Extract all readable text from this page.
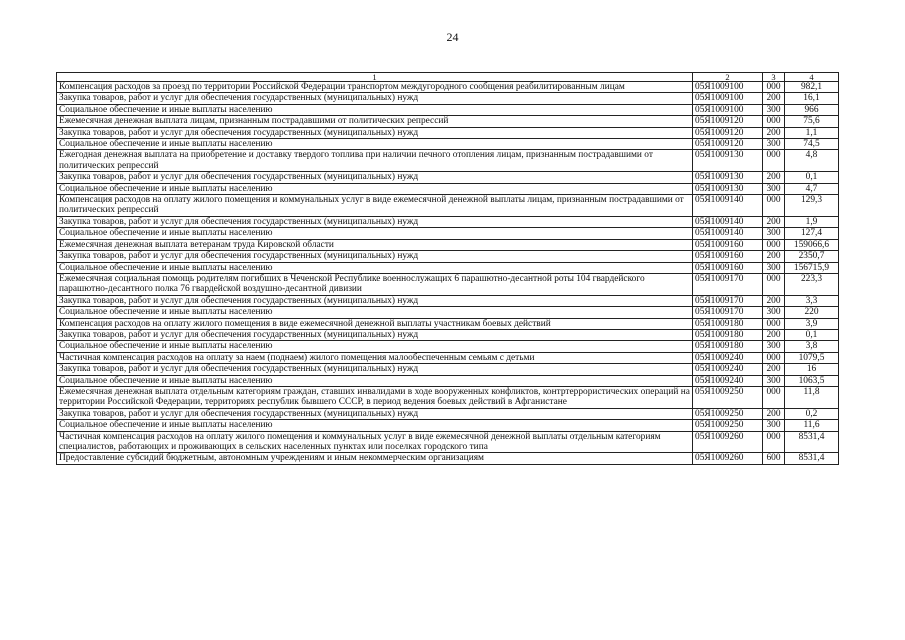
24
1	2	3	4
Компенсация расходов за проезд по территории Российской Федерации транспортом междугородного сообщения реабилитированным лицам	05Я1009100	000	982,1
Закупка товаров, работ и услуг для обеспечения государственных (муниципальных) нужд	05Я1009100	200	16,1
Социальное обеспечение и иные выплаты населению	05Я1009100	300	966
Ежемесячная денежная выплата лицам, признанным пострадавшими от политических репрессий	05Я1009120	000	75,6
Закупка товаров, работ и услуг для обеспечения государственных (муниципальных) нужд	05Я1009120	200	1,1
Социальное обеспечение и иные выплаты населению	05Я1009120	300	74,5
Ежегодная денежная выплата на приобретение и доставку твердого топлива при наличии печного отопления лицам, признанным пострадавшими от политических репрессий	05Я1009130	000	4,8
Закупка товаров, работ и услуг для обеспечения государственных (муниципальных) нужд	05Я1009130	200	0,1
Социальное обеспечение и иные выплаты населению	05Я1009130	300	4,7
Компенсация расходов на оплату жилого помещения и коммунальных услуг в виде ежемесячной денежной выплаты лицам, признанным пострадавшими от политических репрессий	05Я1009140	000	129,3
Закупка товаров, работ и услуг для обеспечения государственных (муниципальных) нужд	05Я1009140	200	1,9
Социальное обеспечение и иные выплаты населению	05Я1009140	300	127,4
Ежемесячная денежная выплата ветеранам труда Кировской области	05Я1009160	000	159066,6
Закупка товаров, работ и услуг для обеспечения государственных (муниципальных) нужд	05Я1009160	200	2350,7
Социальное обеспечение и иные выплаты населению	05Я1009160	300	156715,9
Ежемесячная социальная помощь родителям погибших в Чеченской Республике военнослужащих 6 парашютно-десантной роты 104 гвардейского парашютно-десантного полка 76 гвардейской воздушно-десантной дивизии	05Я1009170	000	223,3
Закупка товаров, работ и услуг для обеспечения государственных (муниципальных) нужд	05Я1009170	200	3,3
Социальное обеспечение и иные выплаты населению	05Я1009170	300	220
Компенсация расходов на оплату жилого помещения в виде ежемесячной денежной выплаты участникам боевых действий	05Я1009180	000	3,9
Закупка товаров, работ и услуг для обеспечения государственных (муниципальных) нужд	05Я1009180	200	0,1
Социальное обеспечение и иные выплаты населению	05Я1009180	300	3,8
Частичная компенсация расходов на оплату за наем (поднаем) жилого помещения малообеспеченным семьям с детьми	05Я1009240	000	1079,5
Закупка товаров, работ и услуг для обеспечения государственных (муниципальных) нужд	05Я1009240	200	16
Социальное обеспечение и иные выплаты населению	05Я1009240	300	1063,5
Ежемесячная денежная выплата отдельным категориям граждан, ставших инвалидами в ходе вооруженных конфликтов, контртеррористических операций на территории Российской Федерации, территориях республик бывшего СССР, в период ведения боевых действий в Афганистане	05Я1009250	000	11,8
Закупка товаров, работ и услуг для обеспечения государственных (муниципальных) нужд	05Я1009250	200	0,2
Социальное обеспечение и иные выплаты населению	05Я1009250	300	11,6
Частичная компенсация расходов на оплату жилого помещения и коммунальных услуг в виде ежемесячной денежной выплаты отдельным категориям специалистов, работающих и проживающих в сельских населенных пунктах или поселках городского типа	05Я1009260	000	8531,4
Предоставление субсидий бюджетным, автономным учреждениям и иным некоммерческим организациям	05Я1009260	600	8531,4
